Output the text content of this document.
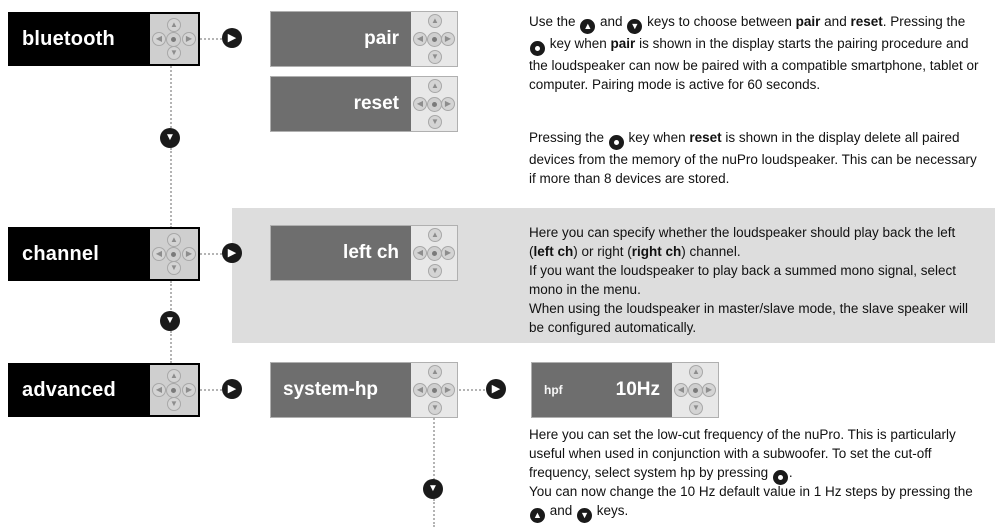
▼
▼
bluetooth
▲
◀	▶
▼
▶	pair
▲
◀	▶
▼
reset
▲
◀	▶
▼
Use the ▲ and ▼ keys to choose between pair and reset. Pressing the  key when pair is shown in the display starts the pairing procedure and the loudspeaker can now be paired with a compatible smartphone, tablet or computer. Pairing mode is active for 60 seconds.
Pressing the  key when reset is shown in the display delete all paired devices from the memory of the nuPro loudspeaker. This can be necessary if more than 8 devices are stored.
channel
▲
◀	▶
▼
▶	left ch
▲
◀	▶
▼
Here you can specify whether the loudspeaker should play back the left (left ch) or right (right ch) channel.
If you want the loudspeaker to play back a summed mono signal, select mono in the menu.
When using the loudspeaker in master/slave mode, the slave speaker will be configured automatically.
advanced
▲
◀	▶
▼
▶	system-hp
▲
◀	▶
▼
▶	hpf	10Hz
▲
◀	▶
▼
▼
Here you can set the low-cut frequency of the nuPro. This is particularly useful when used in conjunction with a subwoofer. To set the cut-off frequency, select system hp by pressing .
You can now change the 10 Hz default value in 1 Hz steps by pressing the ▲ and ▼ keys.
